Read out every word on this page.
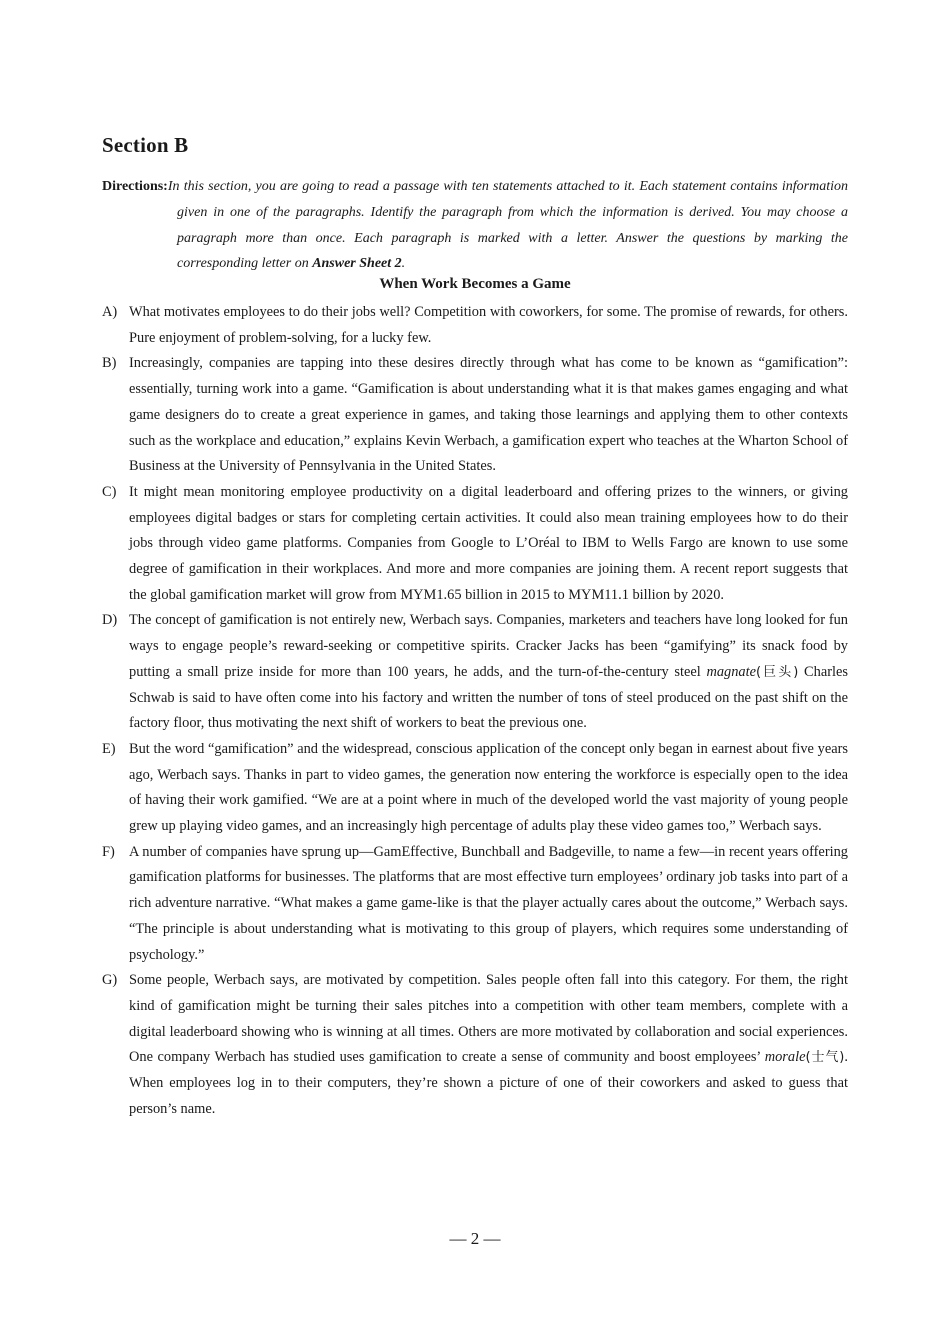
Section B
Directions:In this section, you are going to read a passage with ten statements attached to it. Each statement contains information given in one of the paragraphs. Identify the paragraph from which the information is derived. You may choose a paragraph more than once. Each paragraph is marked with a letter. Answer the questions by marking the corresponding letter on Answer Sheet 2.
When Work Becomes a Game

A) What motivates employees to do their jobs well? Competition with coworkers, for some. The promise of rewards, for others. Pure enjoyment of problem-solving, for a lucky few.

B) Increasingly, companies are tapping into these desires directly through what has come to be known as “gamification”: essentially, turning work into a game. “Gamification is about understanding what it is that makes games engaging and what game designers do to create a great experience in games, and taking those learnings and applying them to other contexts such as the workplace and education,” explains Kevin Werbach, a gamification expert who teaches at the Wharton School of Business at the University of Pennsylvania in the United States.

C) It might mean monitoring employee productivity on a digital leaderboard and offering prizes to the winners, or giving employees digital badges or stars for completing certain activities. It could also mean training employees how to do their jobs through video game platforms. Companies from Google to L’Oréal to IBM to Wells Fargo are known to use some degree of gamification in their workplaces. And more and more companies are joining them. A recent report suggests that the global gamification market will grow from MYM1.65 billion in 2015 to MYM11.1 billion by 2020.

D) The concept of gamification is not entirely new, Werbach says. Companies, marketers and teachers have long looked for fun ways to engage people’s reward-seeking or competitive spirits. Cracker Jacks has been “gamifying” its snack food by putting a small prize inside for more than 100 years, he adds, and the turn-of-the-century steel magnate(巨头) Charles Schwab is said to have often come into his factory and written the number of tons of steel produced on the past shift on the factory floor, thus motivating the next shift of workers to beat the previous one.

E) But the word “gamification” and the widespread, conscious application of the concept only began in earnest about five years ago, Werbach says. Thanks in part to video games, the generation now entering the workforce is especially open to the idea of having their work gamified. “We are at a point where in much of the developed world the vast majority of young people grew up playing video games, and an increasingly high percentage of adults play these video games too,” Werbach says.

F) A number of companies have sprung up—GamEffective, Bunchball and Badgeville, to name a few—in recent years offering gamification platforms for businesses. The platforms that are most effective turn employees’ ordinary job tasks into part of a rich adventure narrative. “What makes a game game-like is that the player actually cares about the outcome,” Werbach says. “The principle is about understanding what is motivating to this group of players, which requires some understanding of psychology.”

G) Some people, Werbach says, are motivated by competition. Sales people often fall into this category. For them, the right kind of gamification might be turning their sales pitches into a competition with other team members, complete with a digital leaderboard showing who is winning at all times. Others are more motivated by collaboration and social experiences. One company Werbach has studied uses gamification to create a sense of community and boost employees’ morale(士气). When employees log in to their computers, they’re shown a picture of one of their coworkers and asked to guess that person’s name.

— 2 —
